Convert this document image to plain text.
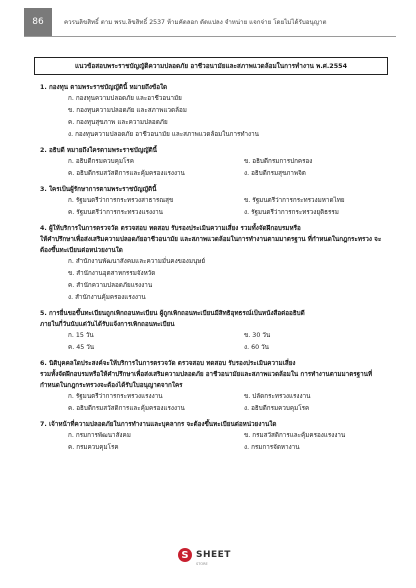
86	ควรนลิขสิทธิ์ ตาม พรบ.ลิขสิทธิ์ 2537 ห้ามคัดลอก ดัดแปลง จำหน่าย แจกจ่าย โดยไม่ได้รับอนุญาต
แนวข้อสอบพระราชบัญญัติความปลอดภัย อาชีวอนามัยและสภาพแวดล้อมในการทำงาน พ.ศ.2554
1. กองทุน ตามพระราชบัญญัตินี้ หมายถึงข้อใด
ก. กองทุนความปลอดภัย และอาชีวอนามัย
ข. กองทุนความปลอดภัย และสภาพแวดล้อม
ค. กองทุนสุขภาพ และความปลอดภัย
ง. กองทุนความปลอดภัย อาชีวอนามัย และสภาพแวดล้อมในการทำงาน
2. อธิบดี หมายถึงใครตามพระราชบัญญัตินี้
ก. อธิบดีกรมควบคุมโรค	ข. อธิบดีกรมการปกครอง
ค. อธิบดีกรมสวัสดิการและคุ้มครองแรงงาน	ง. อธิบดีกรมสุขภาพจิต
3. ใครเป็นผู้รักษาการตามพระราชบัญญัตินี้
ก. รัฐมนตรีว่าการกระทรวงสาธารณสุข	ข. รัฐมนตรีว่าการกระทรวงมหาดไทย
ค. รัฐมนตรีว่าการกระทรวงแรงงาน	ง. รัฐมนตรีว่าการกระทรวงยุติธรรม
4. ผู้ให้บริการในการตรวจวัด ตรวจสอบ ทดสอบ รับรองประเมินความเสี่ยง รวมทั้งจัดฝึกอบรมหรือ
ให้คำปรึกษาเพื่อส่งเสริมความปลอดภัยอาชีวอนามัย และสภาพแวดล้อมในการทำงานตามมาตรฐาน ที่กำหนดในกฎกระทรวง จะต้องขึ้นทะเบียนต่อหน่วยงานใด
ก. สำนักงานพัฒนาสังคมและความมั่นคงของมนุษย์
ข. สำนักงานอุตสาหกรรมจังหวัด
ค. สำนักความปลอดภัยแรงงาน
ง. สำนักงานคุ้มครองแรงงาน
5. การยื่นขอขึ้นทะเบียนถูกเพิกถอนทะเบียน ผู้ถูกเพิกถอนทะเบียนมีสิทธิอุทธรณ์เป็นหนังสือต่ออธิบดี
ภายในกี่วันนับแต่วันได้รับแจ้งการเพิกถอนทะเบียน
ก. 15 วัน	ข. 30 วัน
ค. 45 วัน	ง. 60 วัน
6. นิติบุคคลใดประสงค์จะให้บริการในการตรวจวัด ตรวจสอบ ทดสอบ รับรองประเมินความเสี่ยง
รวมทั้งจัดฝึกอบรมหรือให้คำปรึกษาเพื่อส่งเสริมความปลอดภัย อาชีวอนามัยและสภาพแวดล้อมใน การทำงานตามมาตรฐานที่กำหนดในกฎกระทรวงจะต้องได้รับใบอนุญาตจากใคร
ก. รัฐมนตรีว่าการกระทรวงแรงงาน	ข. ปลัดกระทรวงแรงงาน
ค. อธิบดีกรมสวัสดิการและคุ้มครองแรงงาน	ง. อธิบดีกรมควบคุมโรค
7. เจ้าหน้าที่ความปลอดภัยในการทำงานและบุคลากร จะต้องขึ้นทะเบียนต่อหน่วยงานใด
ก. กรมการพัฒนาสังคม	ข. กรมสวัสดิการและคุ้มครองแรงงาน
ค. กรมควบคุมโรค	ง. กรมการจัดหางาน
S SHEET
STORE
